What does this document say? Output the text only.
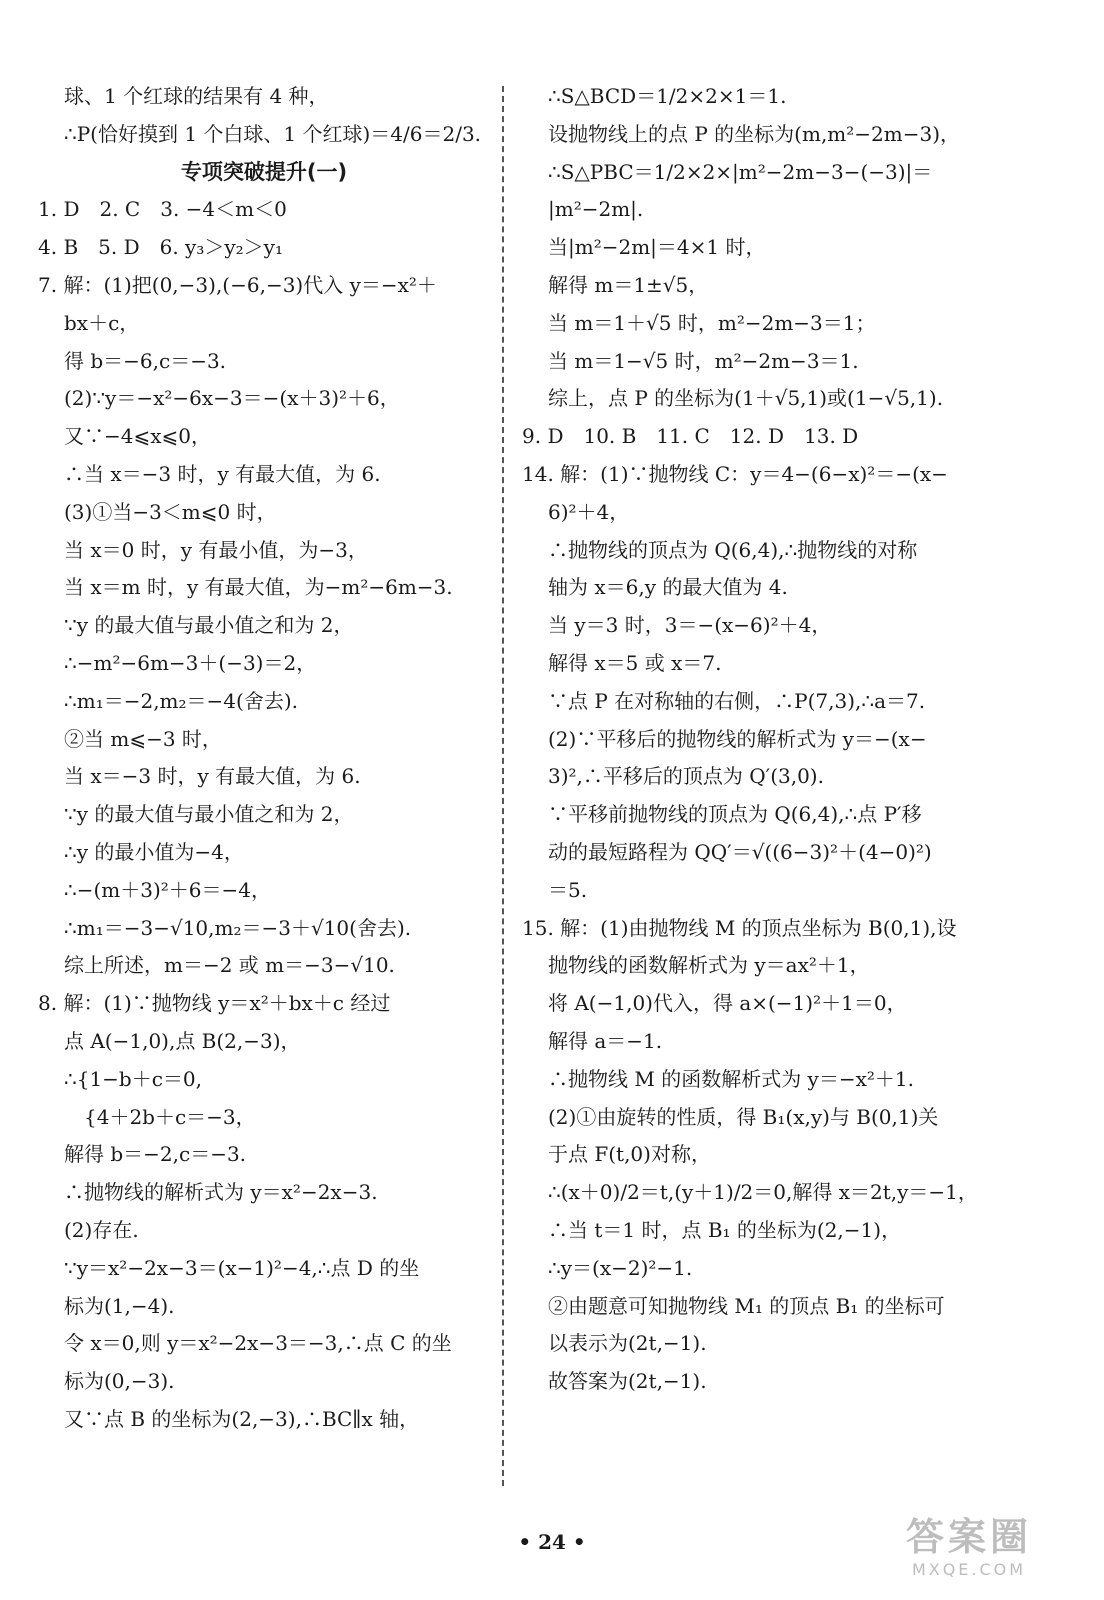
球、1 个红球的结果有 4 种，
∴P(恰好摸到 1 个白球、1 个红球)＝4/6＝2/3.
专项突破提升(一)
1. D　2. C　3. −4＜m＜0
4. B　5. D　6. y₃＞y₂＞y₁
7. 解：(1)把(0,−3),(−6,−3)代入 y＝−x²＋
bx＋c，
得 b＝−6,c＝−3.
(2)∵y＝−x²−6x−3＝−(x＋3)²＋6，
又∵−4⩽x⩽0，
∴当 x＝−3 时，y 有最大值，为 6.
(3)①当−3＜m⩽0 时，
当 x＝0 时，y 有最小值，为−3，
当 x＝m 时，y 有最大值，为−m²−6m−3.
∵y 的最大值与最小值之和为 2，
∴−m²−6m−3＋(−3)＝2，
∴m₁＝−2,m₂＝−4(舍去).
②当 m⩽−3 时，
当 x＝−3 时，y 有最大值，为 6.
∵y 的最大值与最小值之和为 2，
∴y 的最小值为−4，
∴−(m＋3)²＋6＝−4，
∴m₁＝−3−√10,m₂＝−3＋√10(舍去).
综上所述，m＝−2 或 m＝−3−√10.
8. 解：(1)∵抛物线 y＝x²＋bx＋c 经过
点 A(−1,0),点 B(2,−3)，
∴{1−b＋c＝0,
　{4＋2b＋c＝−3，
解得 b＝−2,c＝−3.
∴抛物线的解析式为 y＝x²−2x−3.
(2)存在.
∵y＝x²−2x−3＝(x−1)²−4,∴点 D 的坐
标为(1,−4).
令 x＝0,则 y＝x²−2x−3＝−3,∴点 C 的坐
标为(0,−3).
又∵点 B 的坐标为(2,−3),∴BC∥x 轴，
∴S△BCD＝1/2×2×1＝1.
设抛物线上的点 P 的坐标为(m,m²−2m−3)，
∴S△PBC＝1/2×2×|m²−2m−3−(−3)|＝
|m²−2m|.
当|m²−2m|＝4×1 时，
解得 m＝1±√5，
当 m＝1＋√5 时，m²−2m−3＝1；
当 m＝1−√5 时，m²−2m−3＝1.
综上，点 P 的坐标为(1＋√5,1)或(1−√5,1).
9. D　10. B　11. C　12. D　13. D
14. 解：(1)∵抛物线 C：y＝4−(6−x)²＝−(x−
6)²＋4，
∴抛物线的顶点为 Q(6,4),∴抛物线的对称
轴为 x＝6,y 的最大值为 4.
当 y＝3 时，3＝−(x−6)²＋4，
解得 x＝5 或 x＝7.
∵点 P 在对称轴的右侧，∴P(7,3),∴a＝7.
(2)∵平移后的抛物线的解析式为 y＝−(x−
3)²,∴平移后的顶点为 Q′(3,0).
∵平移前抛物线的顶点为 Q(6,4),∴点 P′移
动的最短路程为 QQ′＝√((6−3)²＋(4−0)²)
＝5.
15. 解：(1)由抛物线 M 的顶点坐标为 B(0,1),设
抛物线的函数解析式为 y＝ax²＋1，
将 A(−1,0)代入，得 a×(−1)²＋1＝0，
解得 a＝−1.
∴抛物线 M 的函数解析式为 y＝−x²＋1.
(2)①由旋转的性质，得 B₁(x,y)与 B(0,1)关
于点 F(t,0)对称，
∴(x＋0)/2＝t,(y＋1)/2＝0,解得 x＝2t,y＝−1，
∴当 t＝1 时，点 B₁ 的坐标为(2,−1)，
∴y＝(x−2)²−1.
②由题意可知抛物线 M₁ 的顶点 B₁ 的坐标可
以表示为(2t,−1).
故答案为(2t,−1).
• 24 •	答案圈
MXQE.COM
